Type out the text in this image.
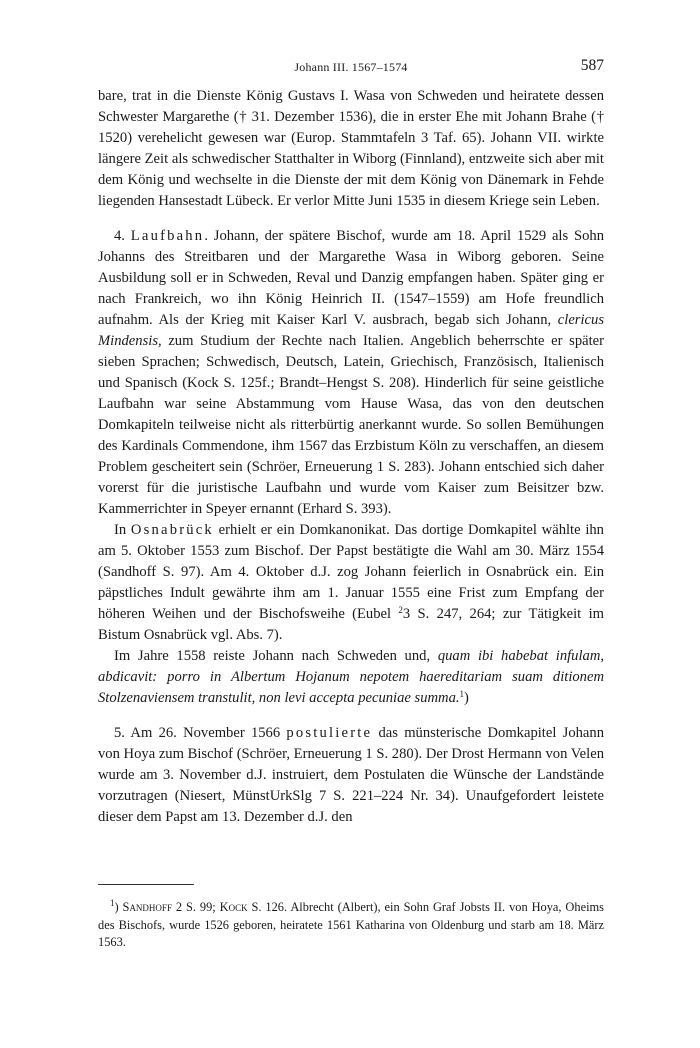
Johann III. 1567–1574	587

bare, trat in die Dienste König Gustavs I. Wasa von Schweden und heiratete dessen Schwester Margarethe († 31. Dezember 1536), die in erster Ehe mit Johann Brahe († 1520) verehelicht gewesen war (Europ. Stammtafeln 3 Taf. 65). Johann VII. wirkte längere Zeit als schwedischer Statthalter in Wiborg (Finnland), entzweite sich aber mit dem König und wechselte in die Dienste der mit dem König von Dänemark in Fehde liegenden Hansestadt Lübeck. Er verlor Mitte Juni 1535 in diesem Kriege sein Leben.

4. Laufbahn. Johann, der spätere Bischof, wurde am 18. April 1529 als Sohn Johanns des Streitbaren und der Margarethe Wasa in Wiborg geboren. Seine Ausbildung soll er in Schweden, Reval und Danzig empfangen haben. Später ging er nach Frankreich, wo ihn König Heinrich II. (1547–1559) am Hofe freundlich aufnahm. Als der Krieg mit Kaiser Karl V. ausbrach, begab sich Johann, clericus Mindensis, zum Studium der Rechte nach Italien. Angeblich beherrschte er später sieben Sprachen; Schwedisch, Deutsch, Latein, Griechisch, Französisch, Italienisch und Spanisch (Kock S. 125f.; Brandt–Hengst S. 208). Hinderlich für seine geistliche Laufbahn war seine Abstammung vom Hause Wasa, das von den deutschen Domkapiteln teilweise nicht als ritterbürtig anerkannt wurde. So sollen Bemühungen des Kardinals Commendone, ihm 1567 das Erzbistum Köln zu verschaffen, an diesem Problem gescheitert sein (Schröer, Erneuerung 1 S. 283). Johann entschied sich daher vorerst für die juristische Laufbahn und wurde vom Kaiser zum Beisitzer bzw. Kammerrichter in Speyer ernannt (Erhard S. 393).

In Osnabrück erhielt er ein Domkanonikat. Das dortige Domkapitel wählte ihn am 5. Oktober 1553 zum Bischof. Der Papst bestätigte die Wahl am 30. März 1554 (Sandhoff S. 97). Am 4. Oktober d.J. zog Johann feierlich in Osnabrück ein. Ein päpstliches Indult gewährte ihm am 1. Januar 1555 eine Frist zum Empfang der höheren Weihen und der Bischofsweihe (Eubel $^2$3 S. 247, 264; zur Tätigkeit im Bistum Osnabrück vgl. Abs. 7).

Im Jahre 1558 reiste Johann nach Schweden und, quam ibi habebat infulam, abdicavit: porro in Albertum Hojanum nepotem haereditariam suam ditionem Stolzenaviensem transtulit, non levi accepta pecuniae summa.$^1$)

5. Am 26. November 1566 postulierte das münsterische Domkapitel Johann von Hoya zum Bischof (Schröer, Erneuerung 1 S. 280). Der Drost Hermann von Velen wurde am 3. November d.J. instruiert, dem Postulaten die Wünsche der Landstände vorzutragen (Niesert, MünstUrkSlg 7 S. 221–224 Nr. 34). Unaufgefordert leistete dieser dem Papst am 13. Dezember d.J. den

$^1$) Sandhoff 2 S. 99; Kock S. 126. Albrecht (Albert), ein Sohn Graf Jobsts II. von Hoya, Oheims des Bischofs, wurde 1526 geboren, heiratete 1561 Katharina von Oldenburg und starb am 18. März 1563.
